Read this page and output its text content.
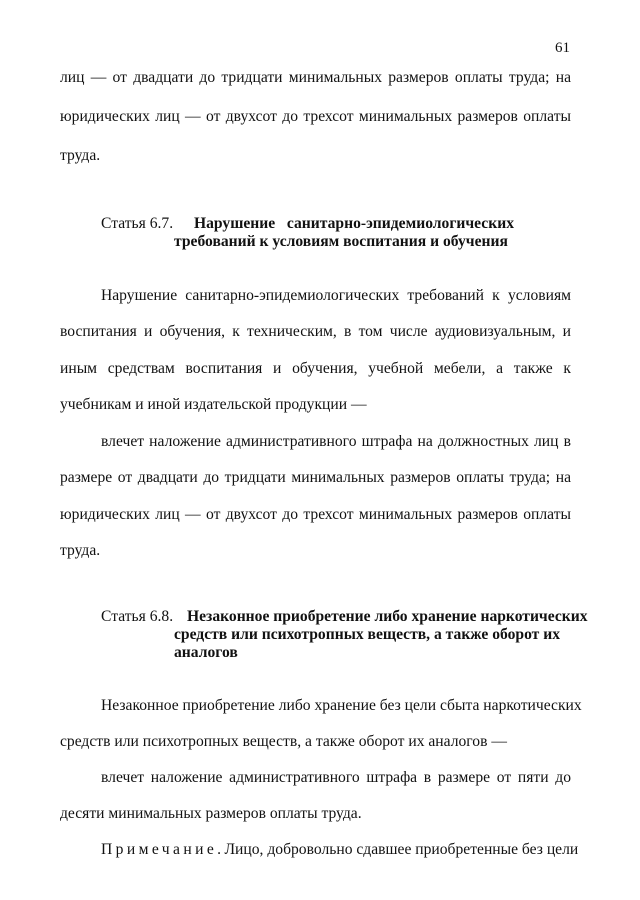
61
лиц — от двадцати до тридцати минимальных размеров оплаты труда; на
юридических лиц — от двухсот до трехсот минимальных размеров оплаты
труда.
Статья 6.7. Нарушение санитарно-эпидемиологических
требований к условиям воспитания и обучения
Нарушение санитарно-эпидемиологических требований к условиям
воспитания и обучения, к техническим, в том числе аудиовизуальным, и
иным средствам воспитания и обучения, учебной мебели, а также к
учебникам и иной издательской продукции —
влечет наложение административного штрафа на должностных лиц в
размере от двадцати до тридцати минимальных размеров оплаты труда; на
юридических лиц — от двухсот до трехсот минимальных размеров оплаты
труда.
Статья 6.8. Незаконное приобретение либо хранение наркотических
средств или психотропных веществ, а также оборот их
аналогов
Незаконное приобретение либо хранение без цели сбыта наркотических
средств или психотропных веществ, а также оборот их аналогов —
влечет наложение административного штрафа в размере от пяти до
десяти минимальных размеров оплаты труда.
Примечание. Лицо, добровольно сдавшее приобретенные без цели
